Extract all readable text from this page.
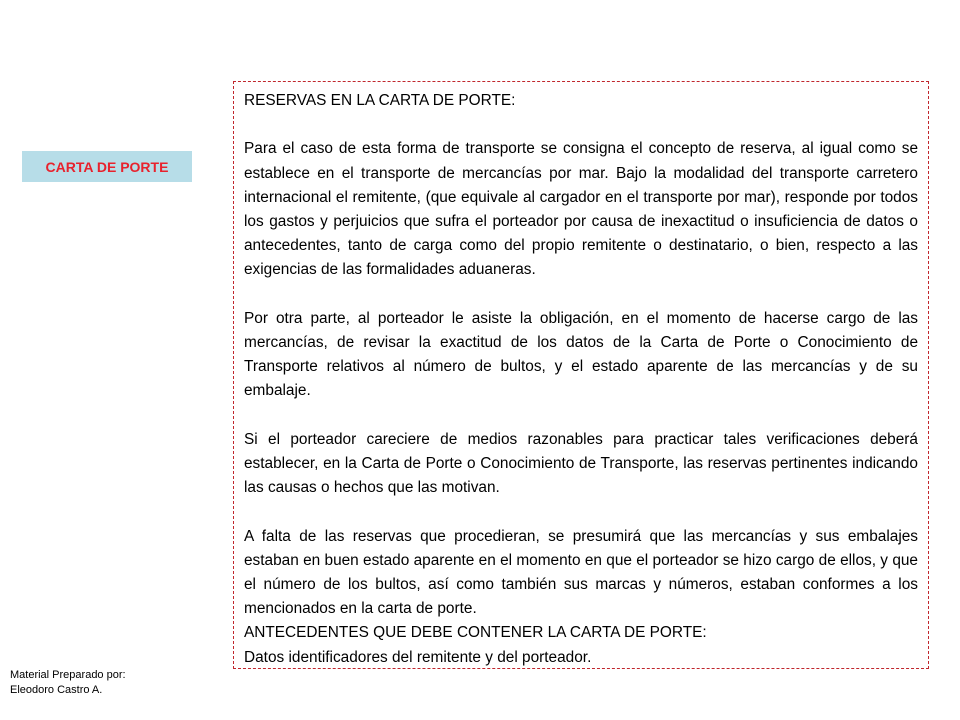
CARTA DE PORTE

RESERVAS EN LA CARTA DE PORTE:

Para el caso de esta forma de transporte se consigna el concepto de reserva, al igual como se establece en el transporte de mercancías por mar. Bajo la modalidad del transporte carretero internacional el remitente, (que equivale al cargador en el transporte por mar), responde por todos los gastos y perjuicios que sufra el porteador por causa de inexactitud o insuficiencia de datos o antecedentes, tanto de carga como del propio remitente o destinatario, o bien, respecto a las exigencias de las formalidades aduaneras.

Por otra parte, al porteador le asiste la obligación, en el momento de hacerse cargo de las mercancías, de revisar la exactitud de los datos de la Carta de Porte o Conocimiento de Transporte relativos al número de bultos, y el estado aparente de las mercancías y de su embalaje.

Si el porteador careciere de medios razonables para practicar tales verificaciones deberá establecer, en la Carta de Porte o Conocimiento de Transporte, las reservas pertinentes indicando las causas o hechos que las motivan.

A falta de las reservas que procedieran, se presumirá que las mercancías y sus embalajes estaban en buen estado aparente en el momento en que el porteador se hizo cargo de ellos, y que el número de los bultos, así como también sus marcas y números, estaban conformes a los mencionados en la carta de porte.

ANTECEDENTES QUE DEBE CONTENER LA CARTA DE PORTE:

Datos identificadores del remitente y del porteador.

Material Preparado por:
Eleodoro Castro A.
